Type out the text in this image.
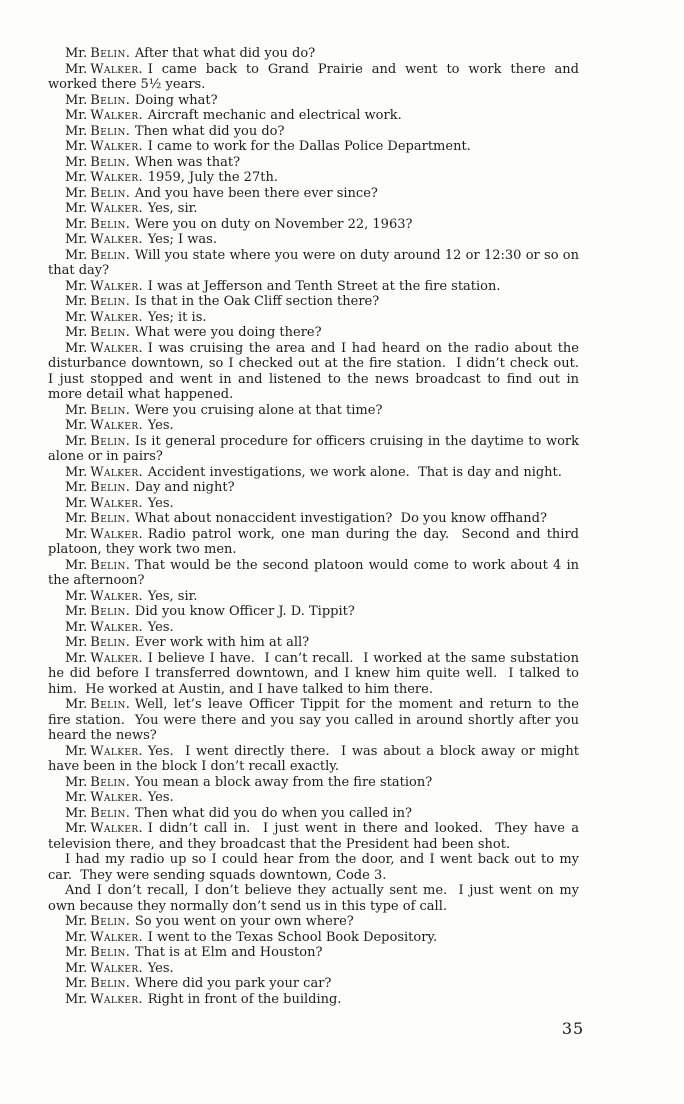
Mr. Belin. After that what did you do?

Mr. Walker. I came back to Grand Prairie and went to work there and worked there 5½ years.

Mr. Belin. Doing what?

Mr. Walker. Aircraft mechanic and electrical work.

Mr. Belin. Then what did you do?

Mr. Walker. I came to work for the Dallas Police Department.

Mr. Belin. When was that?

Mr. Walker. 1959, July the 27th.

Mr. Belin. And you have been there ever since?

Mr. Walker. Yes, sir.

Mr. Belin. Were you on duty on November 22, 1963?

Mr. Walker. Yes; I was.

Mr. Belin. Will you state where you were on duty around 12 or 12:30 or so on that day?

Mr. Walker. I was at Jefferson and Tenth Street at the fire station.

Mr. Belin. Is that in the Oak Cliff section there?

Mr. Walker. Yes; it is.

Mr. Belin. What were you doing there?

Mr. Walker. I was cruising the area and I had heard on the radio about the disturbance downtown, so I checked out at the fire station.  I didn’t check out.  I just stopped and went in and listened to the news broadcast to find out in more detail what happened.

Mr. Belin. Were you cruising alone at that time?

Mr. Walker. Yes.

Mr. Belin. Is it general procedure for officers cruising in the daytime to work alone or in pairs?

Mr. Walker. Accident investigations, we work alone.  That is day and night.

Mr. Belin. Day and night?

Mr. Walker. Yes.

Mr. Belin. What about nonaccident investigation?  Do you know offhand?

Mr. Walker. Radio patrol work, one man during the day.  Second and third platoon, they work two men.

Mr. Belin. That would be the second platoon would come to work about 4 in the afternoon?

Mr. Walker. Yes, sir.

Mr. Belin. Did you know Officer J. D. Tippit?

Mr. Walker. Yes.

Mr. Belin. Ever work with him at all?

Mr. Walker. I believe I have.  I can’t recall.  I worked at the same substation he did before I transferred downtown, and I knew him quite well.  I talked to him.  He worked at Austin, and I have talked to him there.

Mr. Belin. Well, let’s leave Officer Tippit for the moment and return to the fire station.  You were there and you say you called in around shortly after you heard the news?

Mr. Walker. Yes.  I went directly there.  I was about a block away or might have been in the block I don’t recall exactly.

Mr. Belin. You mean a block away from the fire station?

Mr. Walker. Yes.

Mr. Belin. Then what did you do when you called in?

Mr. Walker. I didn’t call in.  I just went in there and looked.  They have a television there, and they broadcast that the President had been shot.

I had my radio up so I could hear from the door, and I went back out to my car.  They were sending squads downtown, Code 3.

And I don’t recall, I don’t believe they actually sent me.  I just went on my own because they normally don’t send us in this type of call.

Mr. Belin. So you went on your own where?

Mr. Walker. I went to the Texas School Book Depository.

Mr. Belin. That is at Elm and Houston?

Mr. Walker. Yes.

Mr. Belin. Where did you park your car?

Mr. Walker. Right in front of the building.

35
